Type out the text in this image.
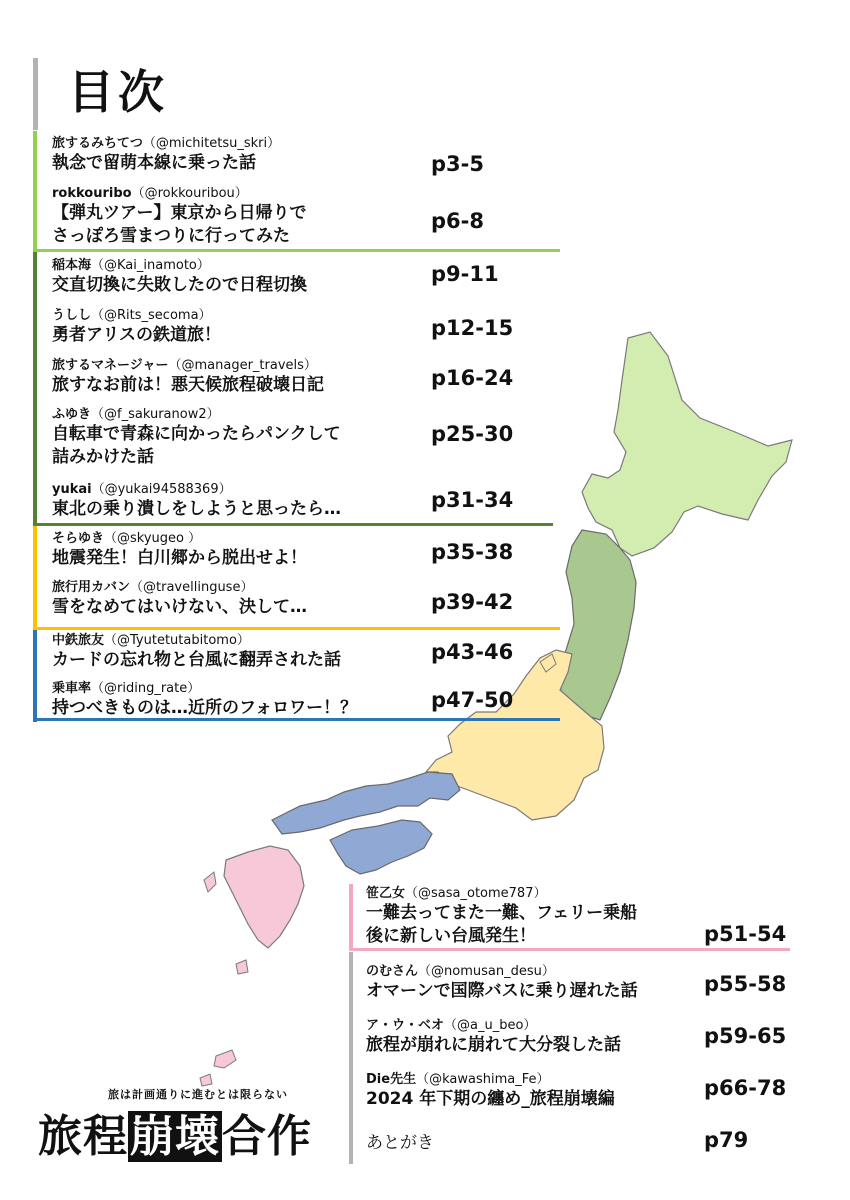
目次
旅するみちてつ（@michitetsu_skri）
執念で留萌本線に乗った話	p3-5
rokkouribo（@rokkouribou）
【弾丸ツアー】東京から日帰りで
さっぽろ雪まつりに行ってみた
p6-8
稲本海（@Kai_inamoto）
交直切換に失敗したので日程切換	p9-11
うしし（@Rits_secoma）
勇者アリスの鉄道旅！	p12-15
旅するマネージャー（@manager_travels）
旅すなお前は！悪天候旅程破壊日記	p16-24
ふゆき（@f_sakuranow2）
自転車で青森に向かったらパンクして
詰みかけた話
p25-30
yukai（@yukai94588369）
東北の乗り潰しをしようと思ったら…	p31-34
そらゆき（@skyugeo ）
地震発生！白川郷から脱出せよ！	p35-38
旅行用カバン（@travellinguse）
雪をなめてはいけない、決して…	p39-42
中鉄旅友（@Tyutetutabitomo）
カードの忘れ物と台風に翻弄された話	p43-46
乗車率（@riding_rate）
持つべきものは…近所のフォロワー！？	p47-50
笹乙女（@sasa_otome787）
一難去ってまた一難、フェリー乗船
後に新しい台風発生！	p51-54
のむさん（@nomusan_desu）
オマーンで国際バスに乗り遅れた話	p55-58
ア・ウ・ベオ（@a_u_beo）
旅程が崩れに崩れて大分裂した話	p59-65
Die先生（@kawashima_Fe）
2024 年下期の纏め_旅程崩壊編	p66-78
あとがき	p79
旅は計画通りに進むとは限らない
旅程崩壊合作
